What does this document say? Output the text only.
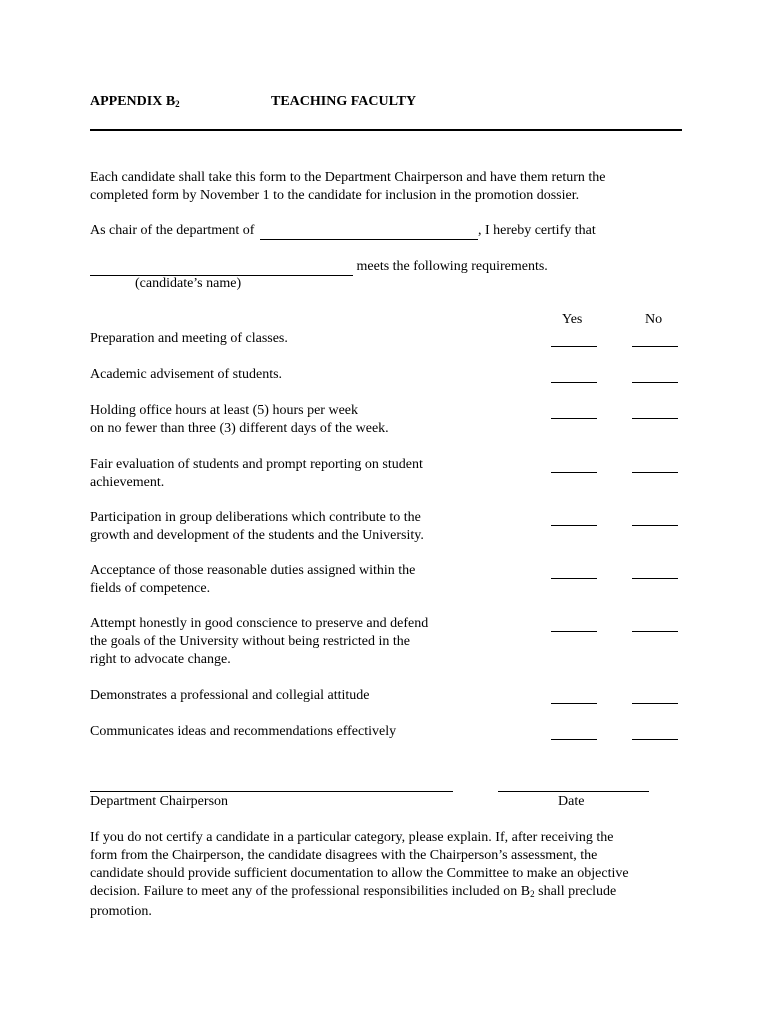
APPENDIX $B_2$	TEACHING FACULTY
Each candidate shall take this form to the Department Chairperson and have them return the
completed form by November 1 to the candidate for inclusion in the promotion dossier.
As chair of the department of	, I hereby certify that
meets the following requirements.
(candidate’s name)
Yes	No
Preparation and meeting of classes.
Academic advisement of students.
Holding office hours at least (5) hours per week
on no fewer than three (3) different days of the week.
Fair evaluation of students and prompt reporting on student
achievement.
Participation in group deliberations which contribute to the
growth and development of the students and the University.
Acceptance of those reasonable duties assigned within the
fields of competence.
Attempt honestly in good conscience to preserve and defend
the goals of the University without being restricted in the
right to advocate change.
Demonstrates a professional and collegial attitude
Communicates ideas and recommendations effectively
Department Chairperson	Date
If you do not certify a candidate in a particular category, please explain. If, after receiving the
form from the Chairperson, the candidate disagrees with the Chairperson’s assessment, the
candidate should provide sufficient documentation to allow the Committee to make an objective
decision. Failure to meet any of the professional responsibilities included on $B_2$ shall preclude
promotion.
